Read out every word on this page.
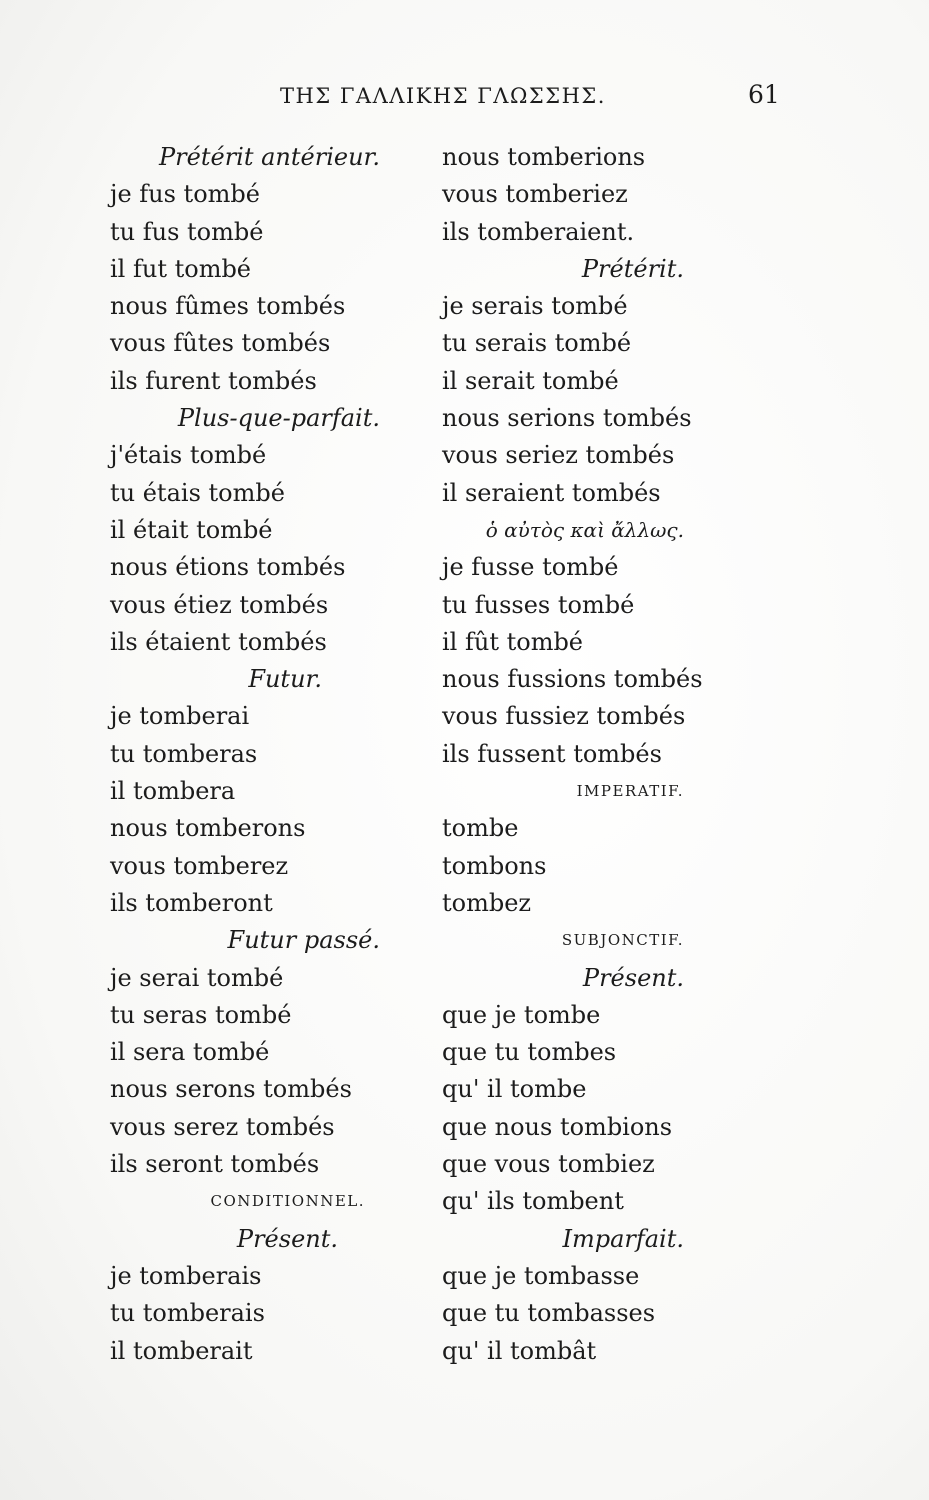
ΤΗΣ ΓΑΛΛΙΚΗΣ ΓΛΩΣΣΗΣ.	61
Prétérit antérieur.
je fus tombé
tu fus tombé
il fut tombé
nous fûmes tombés
vous fûtes tombés
ils furent tombés
Plus-que-parfait.
j'étais tombé
tu étais tombé
il était tombé
nous étions tombés
vous étiez tombés
ils étaient tombés
Futur.
je tomberai
tu tomberas
il tombera
nous tomberons
vous tomberez
ils tomberont
Futur passé.
je serai tombé
tu seras tombé
il sera tombé
nous serons tombés
vous serez tombés
ils seront tombés
CONDITIONNEL.
Présent.
je tomberais
tu tomberais
il tomberait
nous tomberions
vous tomberiez
ils tomberaient.
Prétérit.
je serais tombé
tu serais tombé
il serait tombé
nous serions tombés
vous seriez tombés
il seraient tombés
ὁ αὐτὸς καὶ ἄλλως.
je fusse tombé
tu fusses tombé
il fût tombé
nous fussions tombés
vous fussiez tombés
ils fussent tombés
IMPERATIF.
tombe
tombons
tombez
SUBJONCTIF.
Présent.
que je tombe
que tu tombes
qu' il tombe
que nous tombions
que vous tombiez
qu' ils tombent
Imparfait.
que je tombasse
que tu tombasses
qu' il tombât
